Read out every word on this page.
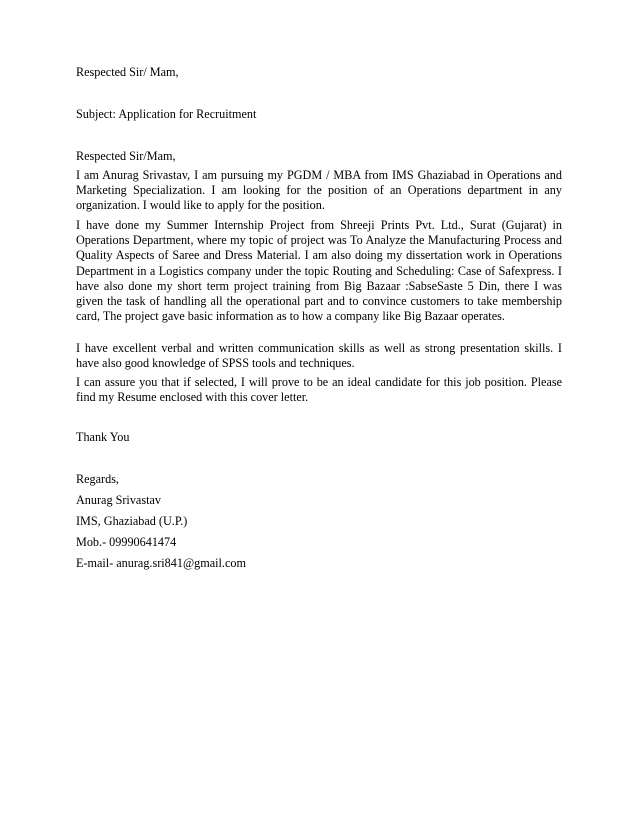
Respected Sir/ Mam,

Subject: Application for Recruitment

Respected Sir/Mam,

I am Anurag Srivastav, I am pursuing my PGDM / MBA from IMS Ghaziabad in Operations and Marketing Specialization. I am looking for the position of an Operations department in any organization. I would like to apply for the position.

I have done my Summer Internship Project from Shreeji Prints Pvt. Ltd., Surat (Gujarat) in Operations Department, where my topic of project was To Analyze the Manufacturing Process and Quality Aspects of Saree and Dress Material. I am also doing my dissertation work in Operations Department in a Logistics company under the topic Routing and Scheduling: Case of Safexpress. I have also done my short term project training from Big Bazaar :SabseSaste 5 Din, there I was given the task of handling all the operational part and to convince customers to take membership card, The project gave basic information as to how a company like Big Bazaar operates.

I have excellent verbal and written communication skills as well as strong presentation skills. I have also good knowledge of SPSS tools and techniques.

I can assure you that if selected, I will prove to be an ideal candidate for this job position. Please find my Resume enclosed with this cover letter.

Thank You

Regards,

Anurag Srivastav

IMS, Ghaziabad (U.P.)

Mob.- 09990641474

E-mail- anurag.sri841@gmail.com
